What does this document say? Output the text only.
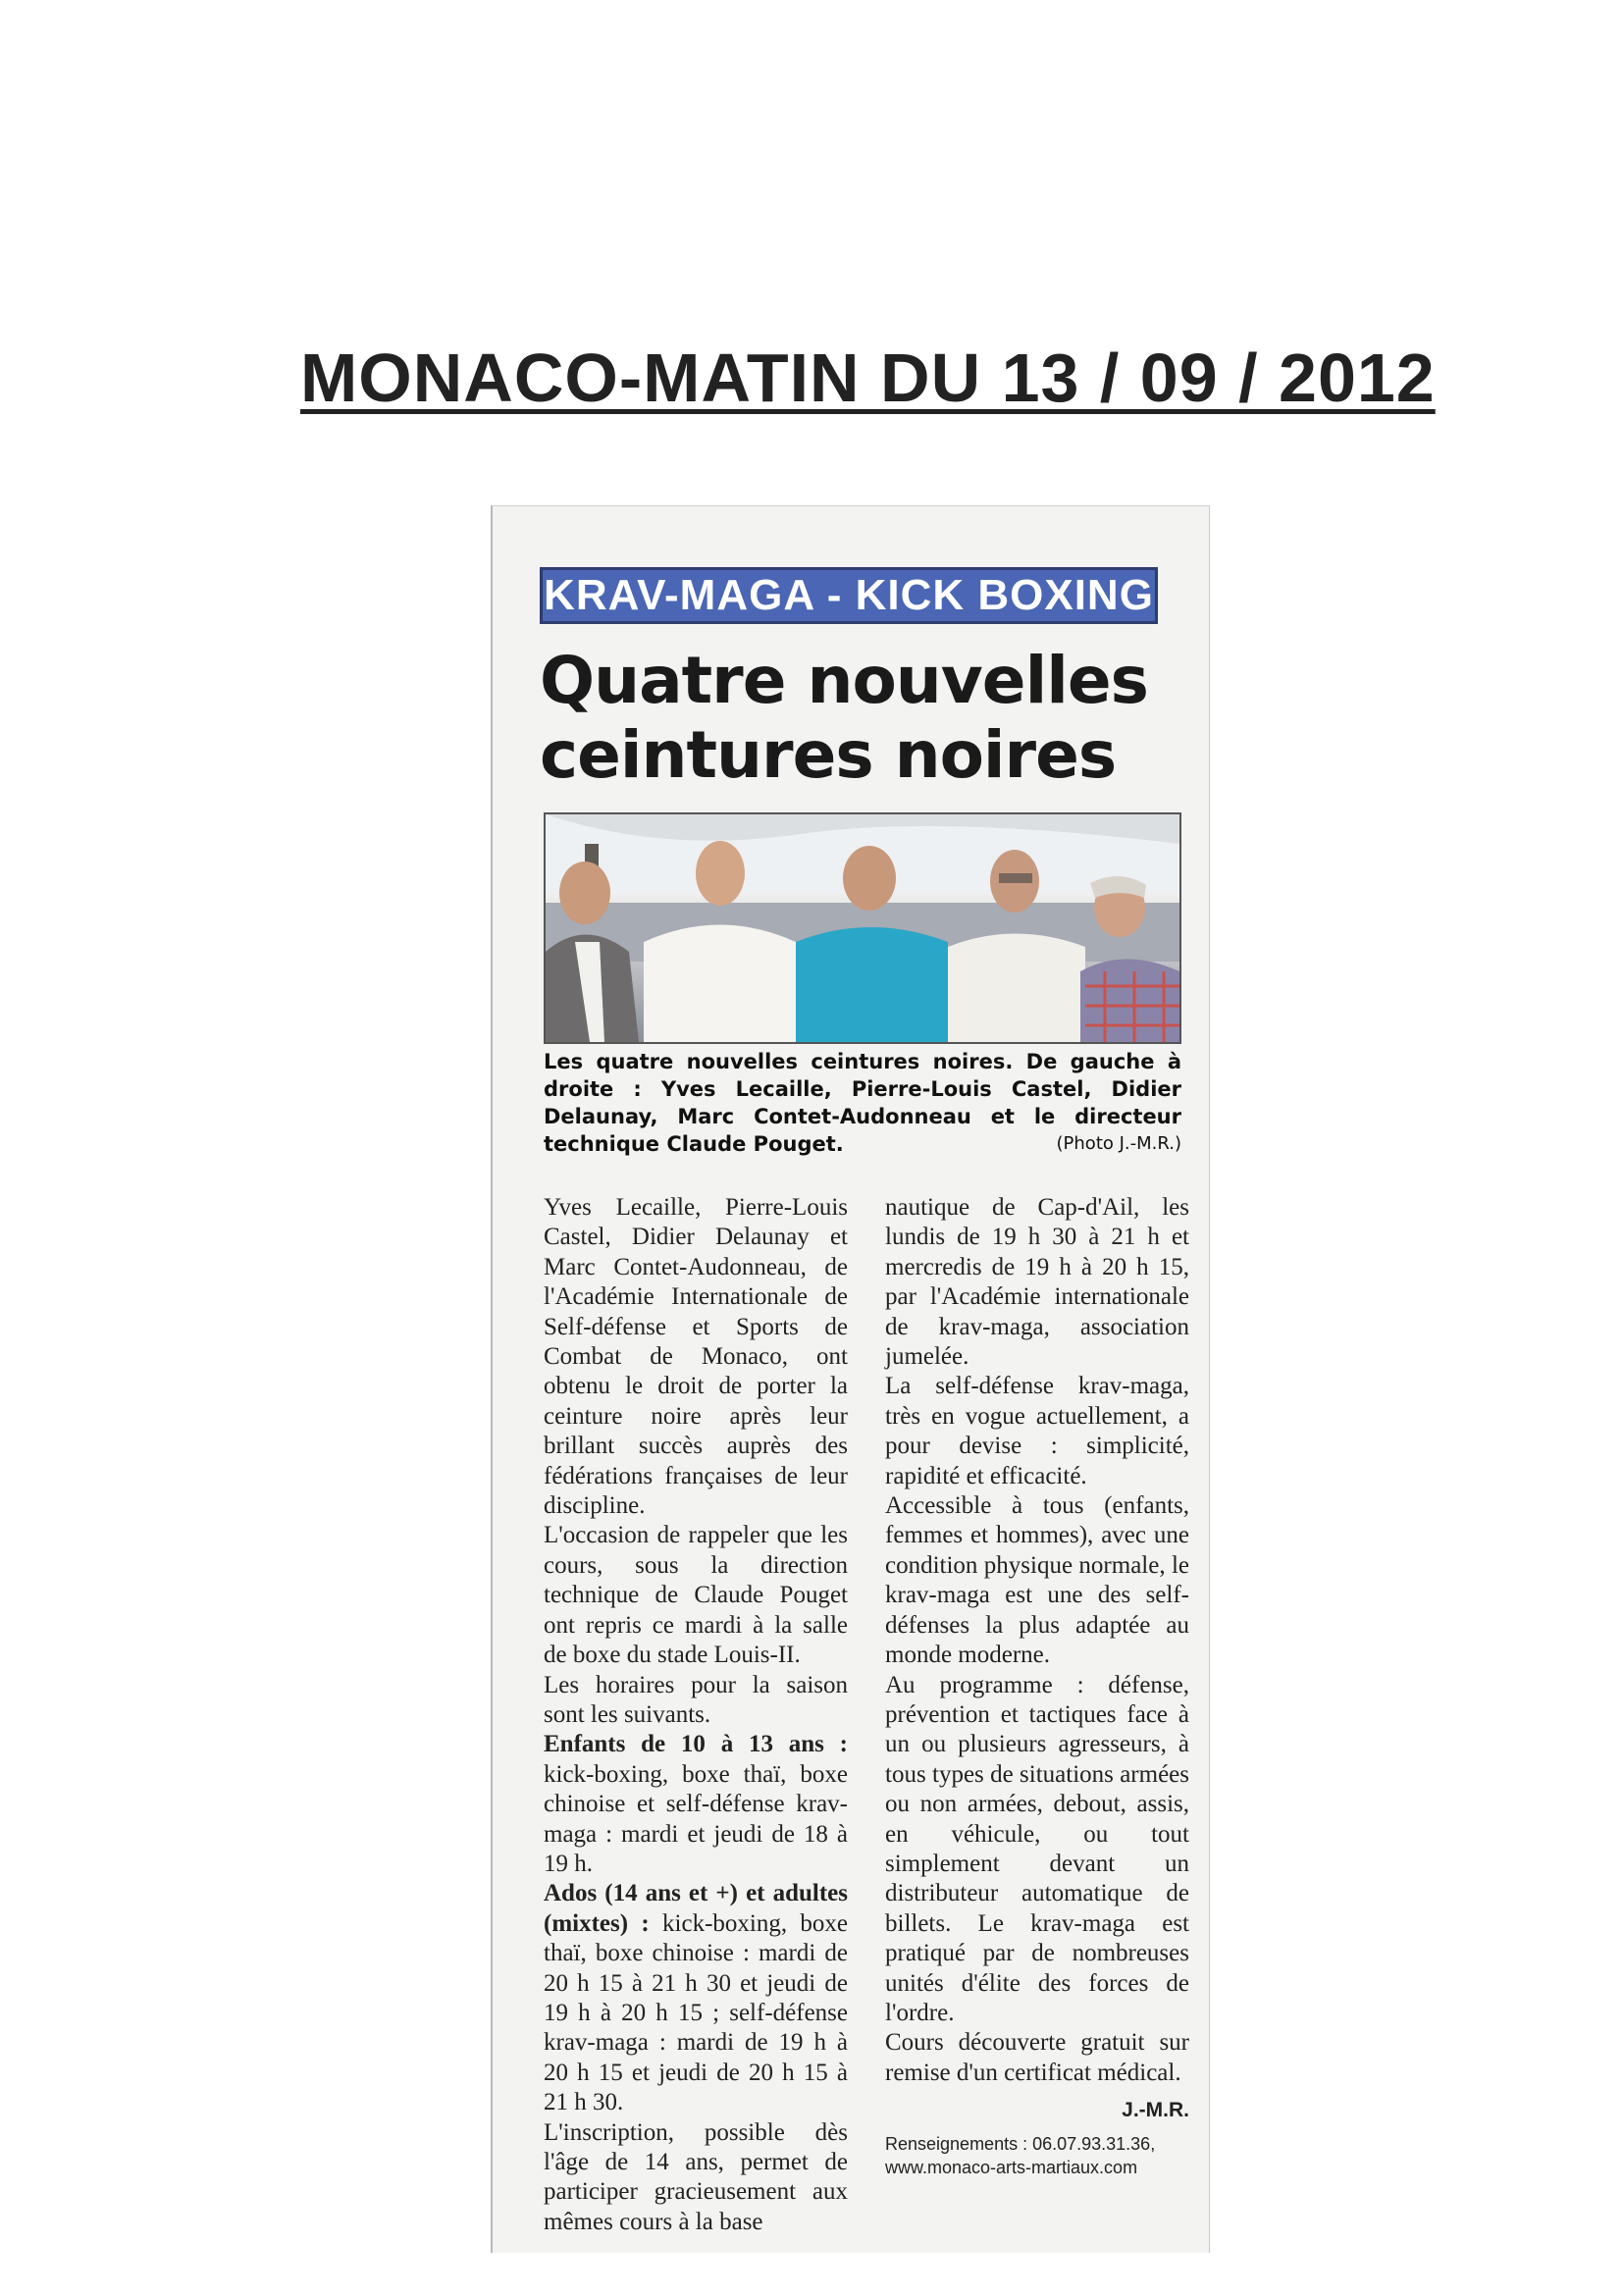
MONACO-MATIN DU 13 / 09 / 2012
KRAV-MAGA - KICK BOXING
Quatre nouvelles
ceintures noires
Les quatre nouvelles ceintures noires. De gauche à droite : Yves Lecaille, Pierre-Louis Castel, Didier Delaunay, Marc Contet-Audonneau et le directeur technique Claude Pouget.	(Photo J.-M.R.)

Yves Lecaille, Pierre-Louis Castel, Didier Delaunay et Marc Contet-Audonneau, de l'Académie Internationale de Self-défense et Sports de Combat de Monaco, ont obtenu le droit de porter la ceinture noire après leur brillant succès auprès des fédérations françaises de leur discipline.

L'occasion de rappeler que les cours, sous la direction technique de Claude Pouget ont repris ce mardi à la salle de boxe du stade Louis-II.

Les horaires pour la saison sont les suivants.

Enfants de 10 à 13 ans : kick-boxing, boxe thaï, boxe chinoise et self-défense krav-maga : mardi et jeudi de 18 à 19 h.

Ados (14 ans et +) et adultes (mixtes) : kick-boxing, boxe thaï, boxe chinoise : mardi de 20 h 15 à 21 h 30 et jeudi de 19 h à 20 h 15 ; self-défense krav-maga : mardi de 19 h à 20 h 15 et jeudi de 20 h 15 à 21 h 30.

L'inscription, possible dès l'âge de 14 ans, permet de participer gracieusement aux mêmes cours à la base

nautique de Cap-d'Ail, les lundis de 19 h 30 à 21 h et mercredis de 19 h à 20 h 15, par l'Académie internationale de krav-maga, association jumelée.

La self-défense krav-maga, très en vogue actuellement, a pour devise : simplicité, rapidité et efficacité.

Accessible à tous (enfants, femmes et hommes), avec une condition physique normale, le krav-maga est une des self-défenses la plus adaptée au monde moderne.

Au programme : défense, prévention et tactiques face à un ou plusieurs agresseurs, à tous types de situations armées ou non armées, debout, assis, en véhicule, ou tout simplement devant un distributeur automatique de billets. Le krav-maga est pratiqué par de nombreuses unités d'élite des forces de l'ordre.

Cours découverte gratuit sur remise d'un certificat médical.

J.-M.R.
Renseignements : 06.07.93.31.36,
www.monaco-arts-martiaux.com
